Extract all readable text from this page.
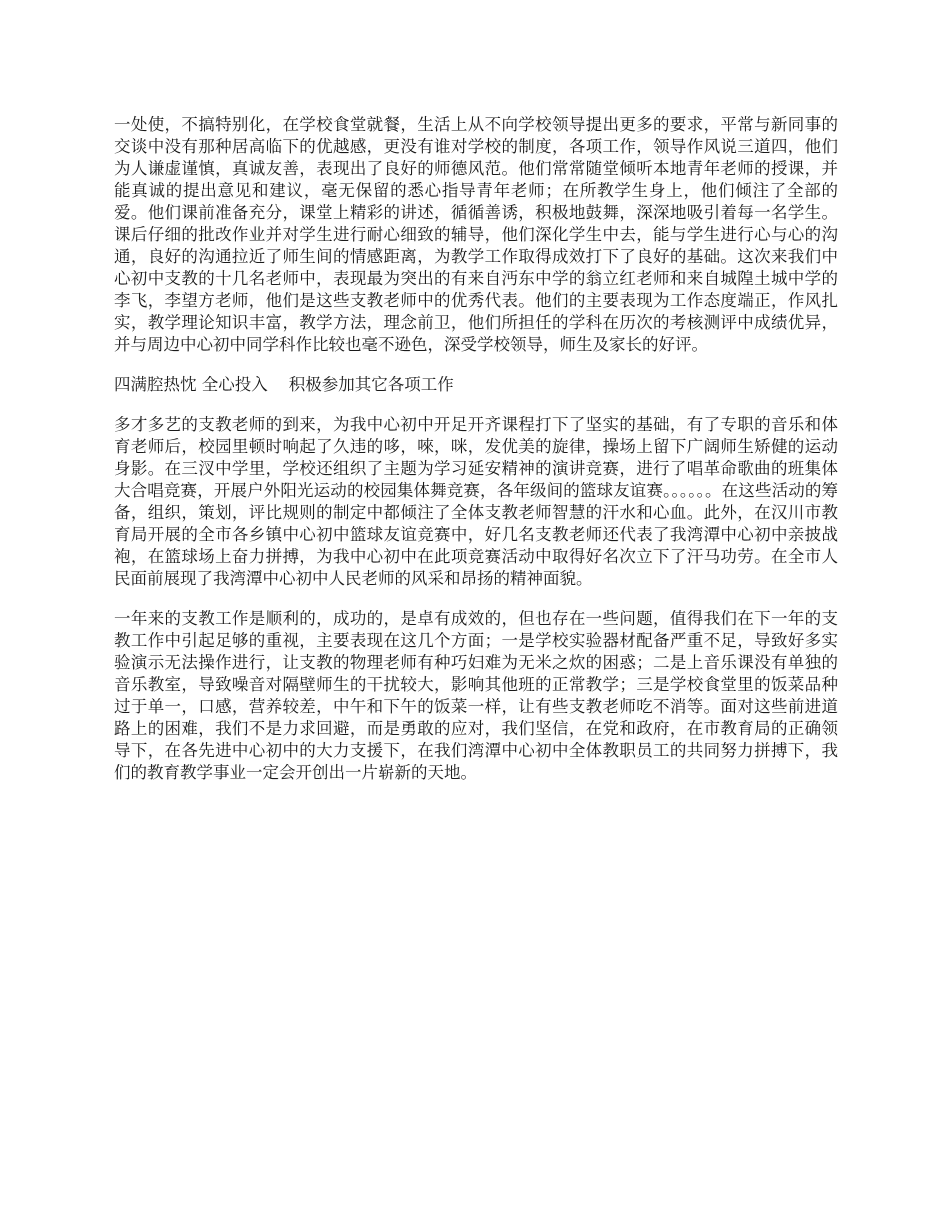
一处使，不搞特别化，在学校食堂就餐，生活上从不向学校领导提出更多的要求，平常与新同事的交谈中没有那种居高临下的优越感，更没有谁对学校的制度，各项工作，领导作风说三道四，他们为人谦虚谨慎，真诚友善，表现出了良好的师德风范。他们常常随堂倾听本地青年老师的授课，并能真诚的提出意见和建议，毫无保留的悉心指导青年老师；在所教学生身上，他们倾注了全部的爱。他们课前准备充分，课堂上精彩的讲述，循循善诱，积极地鼓舞，深深地吸引着每一名学生。课后仔细的批改作业并对学生进行耐心细致的辅导，他们深化学生中去，能与学生进行心与心的沟通，良好的沟通拉近了师生间的情感距离，为教学工作取得成效打下了良好的基础。这次来我们中心初中支教的十几名老师中，表现最为突出的有来自沔东中学的翁立红老师和来自城隍土城中学的李飞，李望方老师，他们是这些支教老师中的优秀代表。他们的主要表现为工作态度端正，作风扎实，教学理论知识丰富，教学方法，理念前卫，他们所担任的学科在历次的考核测评中成绩优异，并与周边中心初中同学科作比较也毫不逊色，深受学校领导，师生及家长的好评。

四满腔热忱 全心投入    积极参加其它各项工作

多才多艺的支教老师的到来，为我中心初中开足开齐课程打下了坚实的基础，有了专职的音乐和体育老师后，校园里顿时响起了久违的哆，唻，咪，发优美的旋律，操场上留下广阔师生矫健的运动身影。在三汊中学里，学校还组织了主题为学习延安精神的演讲竞赛，进行了唱革命歌曲的班集体大合唱竞赛，开展户外阳光运动的校园集体舞竞赛，各年级间的篮球友谊赛。。。。。。在这些活动的筹备，组织，策划，评比规则的制定中都倾注了全体支教老师智慧的汗水和心血。此外，在汉川市教育局开展的全市各乡镇中心初中篮球友谊竞赛中，好几名支教老师还代表了我湾潭中心初中亲披战袍，在篮球场上奋力拼搏，为我中心初中在此项竞赛活动中取得好名次立下了汗马功劳。在全市人民面前展现了我湾潭中心初中人民老师的风采和昂扬的精神面貌。

一年来的支教工作是顺利的，成功的，是卓有成效的，但也存在一些问题，值得我们在下一年的支教工作中引起足够的重视，主要表现在这几个方面；一是学校实验器材配备严重不足，导致好多实验演示无法操作进行，让支教的物理老师有种巧妇难为无米之炊的困惑；二是上音乐课没有单独的音乐教室，导致噪音对隔壁师生的干扰较大，影响其他班的正常教学；三是学校食堂里的饭菜品种过于单一，口感，营养较差，中午和下午的饭菜一样，让有些支教老师吃不消等。面对这些前进道路上的困难，我们不是力求回避，而是勇敢的应对，我们坚信，在党和政府，在市教育局的正确领导下，在各先进中心初中的大力支援下，在我们湾潭中心初中全体教职员工的共同努力拼搏下，我们的教育教学事业一定会开创出一片崭新的天地。
